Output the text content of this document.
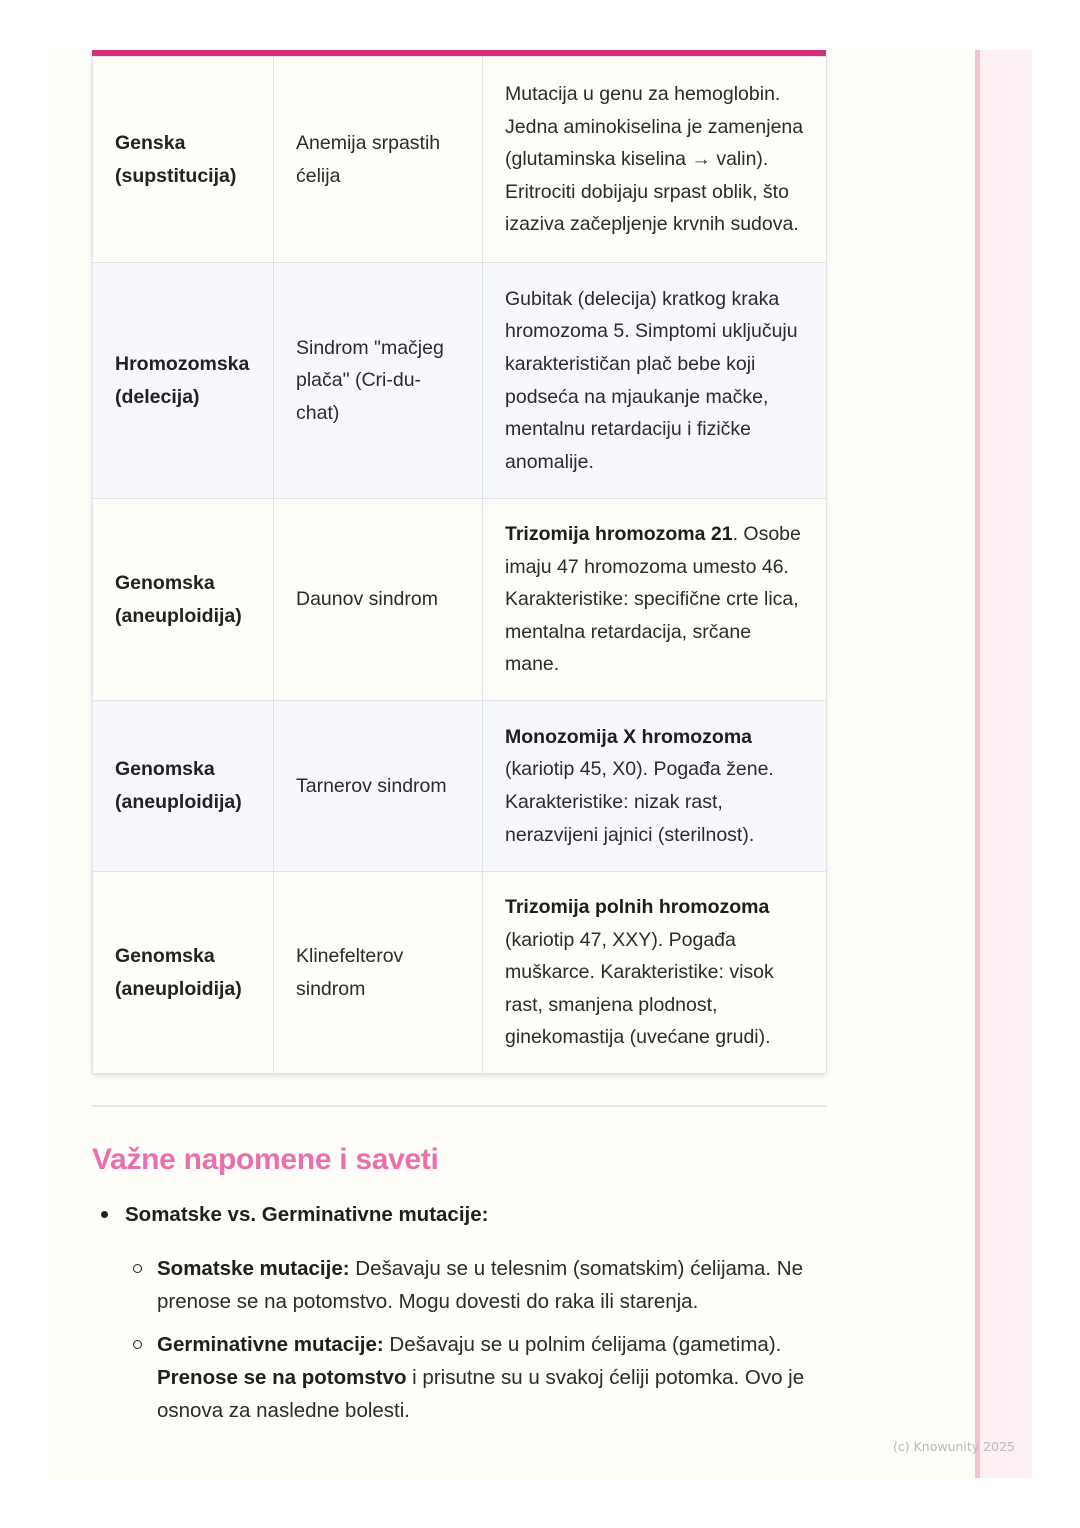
Genska (supstitucija)	Anemija srpastih ćelija	Mutacija u genu za hemoglobin. Jedna aminokiselina je zamenjena (glutaminska kiselina → valin). Eritrociti dobijaju srpast oblik, što izaziva začepljenje krvnih sudova.
Hromozomska (delecija)	Sindrom "mačjeg plača" (Cri-du-chat)	Gubitak (delecija) kratkog kraka hromozoma 5. Simptomi uključuju karakterističan plač bebe koji podseća na mjaukanje mačke, mentalnu retardaciju i fizičke anomalije.
Genomska (aneuploidija)	Daunov sindrom	Trizomija hromozoma 21. Osobe imaju 47 hromozoma umesto 46. Karakteristike: specifične crte lica, mentalna retardacija, srčane mane.
Genomska (aneuploidija)	Tarnerov sindrom	Monozomija X hromozoma (kariotip 45, X0). Pogađa žene. Karakteristike: nizak rast, nerazvijeni jajnici (sterilnost).
Genomska (aneuploidija)	Klinefelterov sindrom	Trizomija polnih hromozoma (kariotip 47, XXY). Pogađa muškarce. Karakteristike: visok rast, smanjena plodnost, ginekomastija (uvećane grudi).
Važne napomene i saveti
Somatske vs. Germinativne mutacije:
Somatske mutacije: Dešavaju se u telesnim (somatskim) ćelijama. Ne prenose se na potomstvo. Mogu dovesti do raka ili starenja.
Germinativne mutacije: Dešavaju se u polnim ćelijama (gametima). Prenose se na potomstvo i prisutne su u svakoj ćeliji potomka. Ovo je osnova za nasledne bolesti.
(c) Knowunity 2025
